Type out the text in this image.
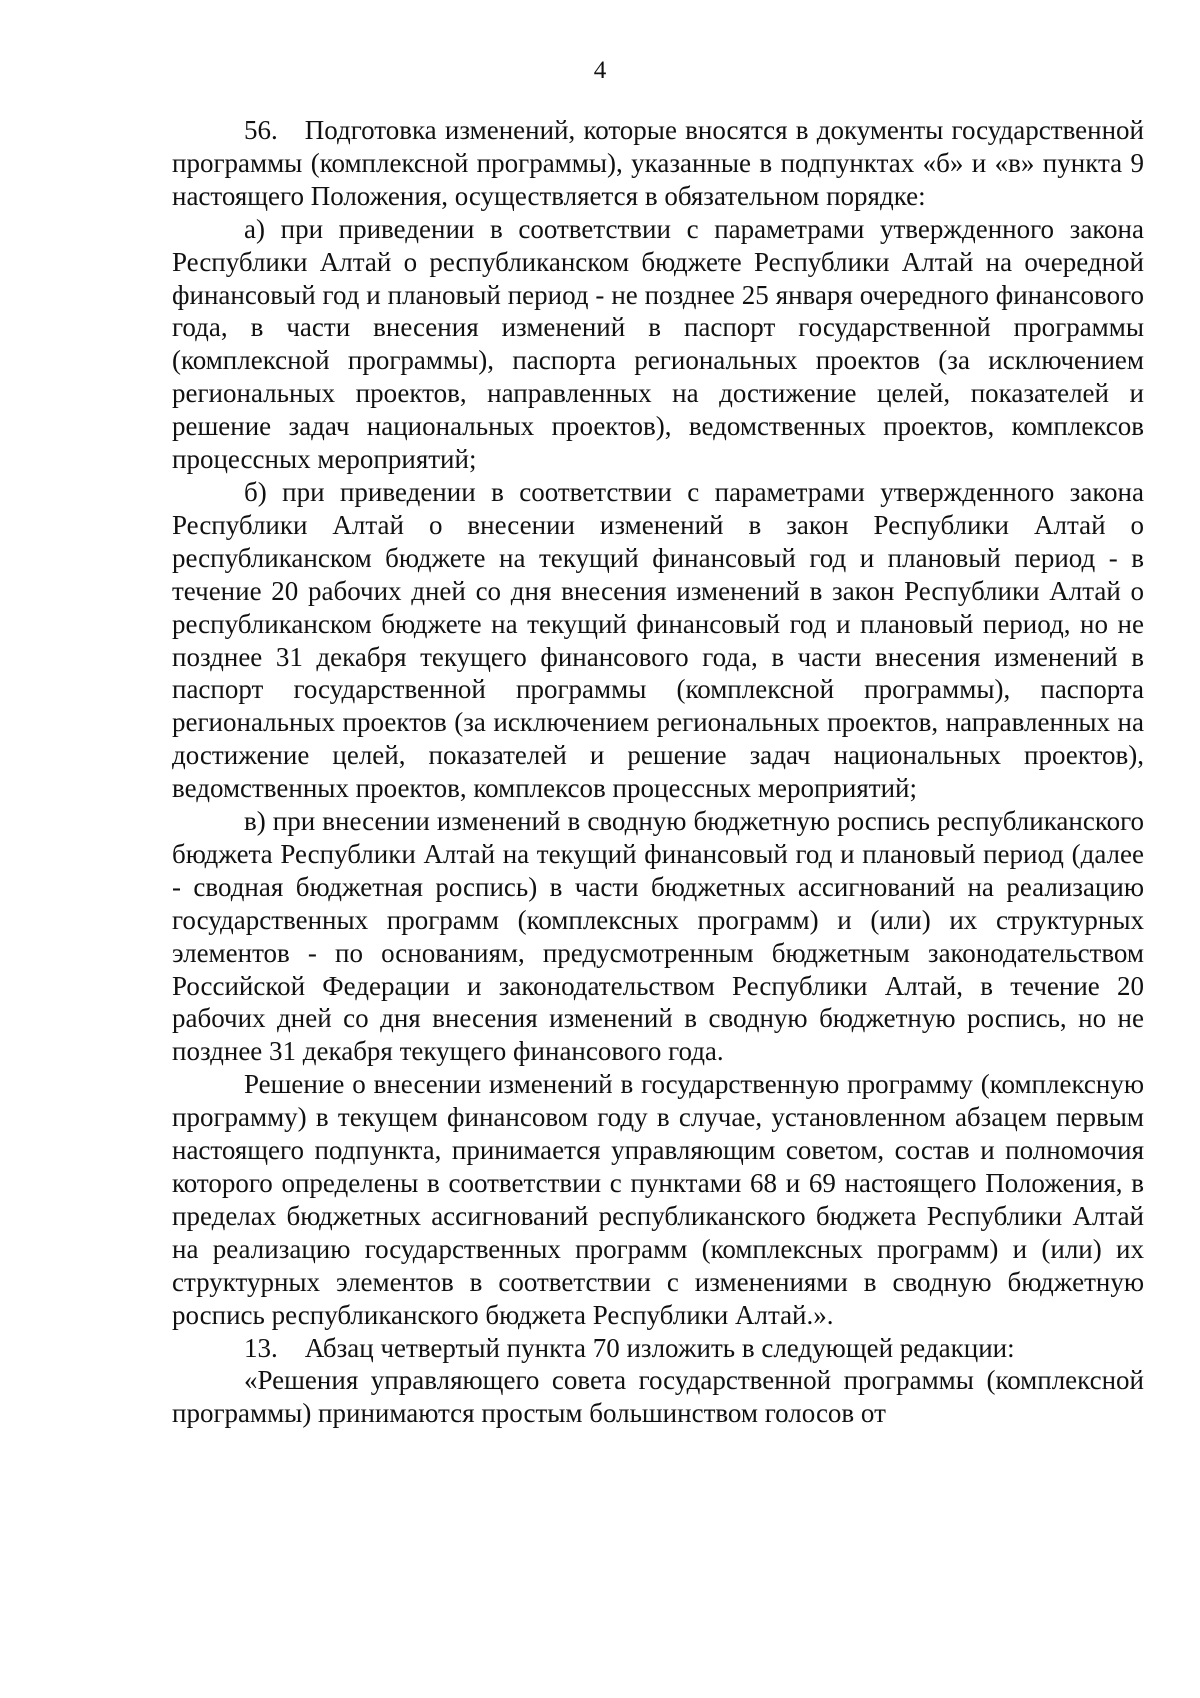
4

56. Подготовка изменений, которые вносятся в документы государственной программы (комплексной программы), указанные в подпунктах «б» и «в» пункта 9 настоящего Положения, осуществляется в обязательном порядке:

а) при приведении в соответствии с параметрами утвержденного закона Республики Алтай о республиканском бюджете Республики Алтай на очередной финансовый год и плановый период - не позднее 25 января очередного финансового года, в части внесения изменений в паспорт государственной программы (комплексной программы), паспорта региональных проектов (за исключением региональных проектов, направленных на достижение целей, показателей и решение задач национальных проектов), ведомственных проектов, комплексов процессных мероприятий;

б) при приведении в соответствии с параметрами утвержденного закона Республики Алтай о внесении изменений в закон Республики Алтай о республиканском бюджете на текущий финансовый год и плановый период - в течение 20 рабочих дней со дня внесения изменений в закон Республики Алтай о республиканском бюджете на текущий финансовый год и плановый период, но не позднее 31 декабря текущего финансового года, в части внесения изменений в паспорт государственной программы (комплексной программы), паспорта региональных проектов (за исключением региональных проектов, направленных на достижение целей, показателей и решение задач национальных проектов), ведомственных проектов, комплексов процессных мероприятий;

в) при внесении изменений в сводную бюджетную роспись республиканского бюджета Республики Алтай на текущий финансовый год и плановый период (далее - сводная бюджетная роспись) в части бюджетных ассигнований на реализацию государственных программ (комплексных программ) и (или) их структурных элементов - по основаниям, предусмотренным бюджетным законодательством Российской Федерации и законодательством Республики Алтай, в течение 20 рабочих дней со дня внесения изменений в сводную бюджетную роспись, но не позднее 31 декабря текущего финансового года.

Решение о внесении изменений в государственную программу (комплексную программу) в текущем финансовом году в случае, установленном абзацем первым настоящего подпункта, принимается управляющим советом, состав и полномочия которого определены в соответствии с пунктами 68 и 69 настоящего Положения, в пределах бюджетных ассигнований республиканского бюджета Республики Алтай на реализацию государственных программ (комплексных программ) и (или) их структурных элементов в соответствии с изменениями в сводную бюджетную роспись республиканского бюджета Республики Алтай.».

13. Абзац четвертый пункта 70 изложить в следующей редакции:

«Решения управляющего совета государственной программы (комплексной программы) принимаются простым большинством голосов от
